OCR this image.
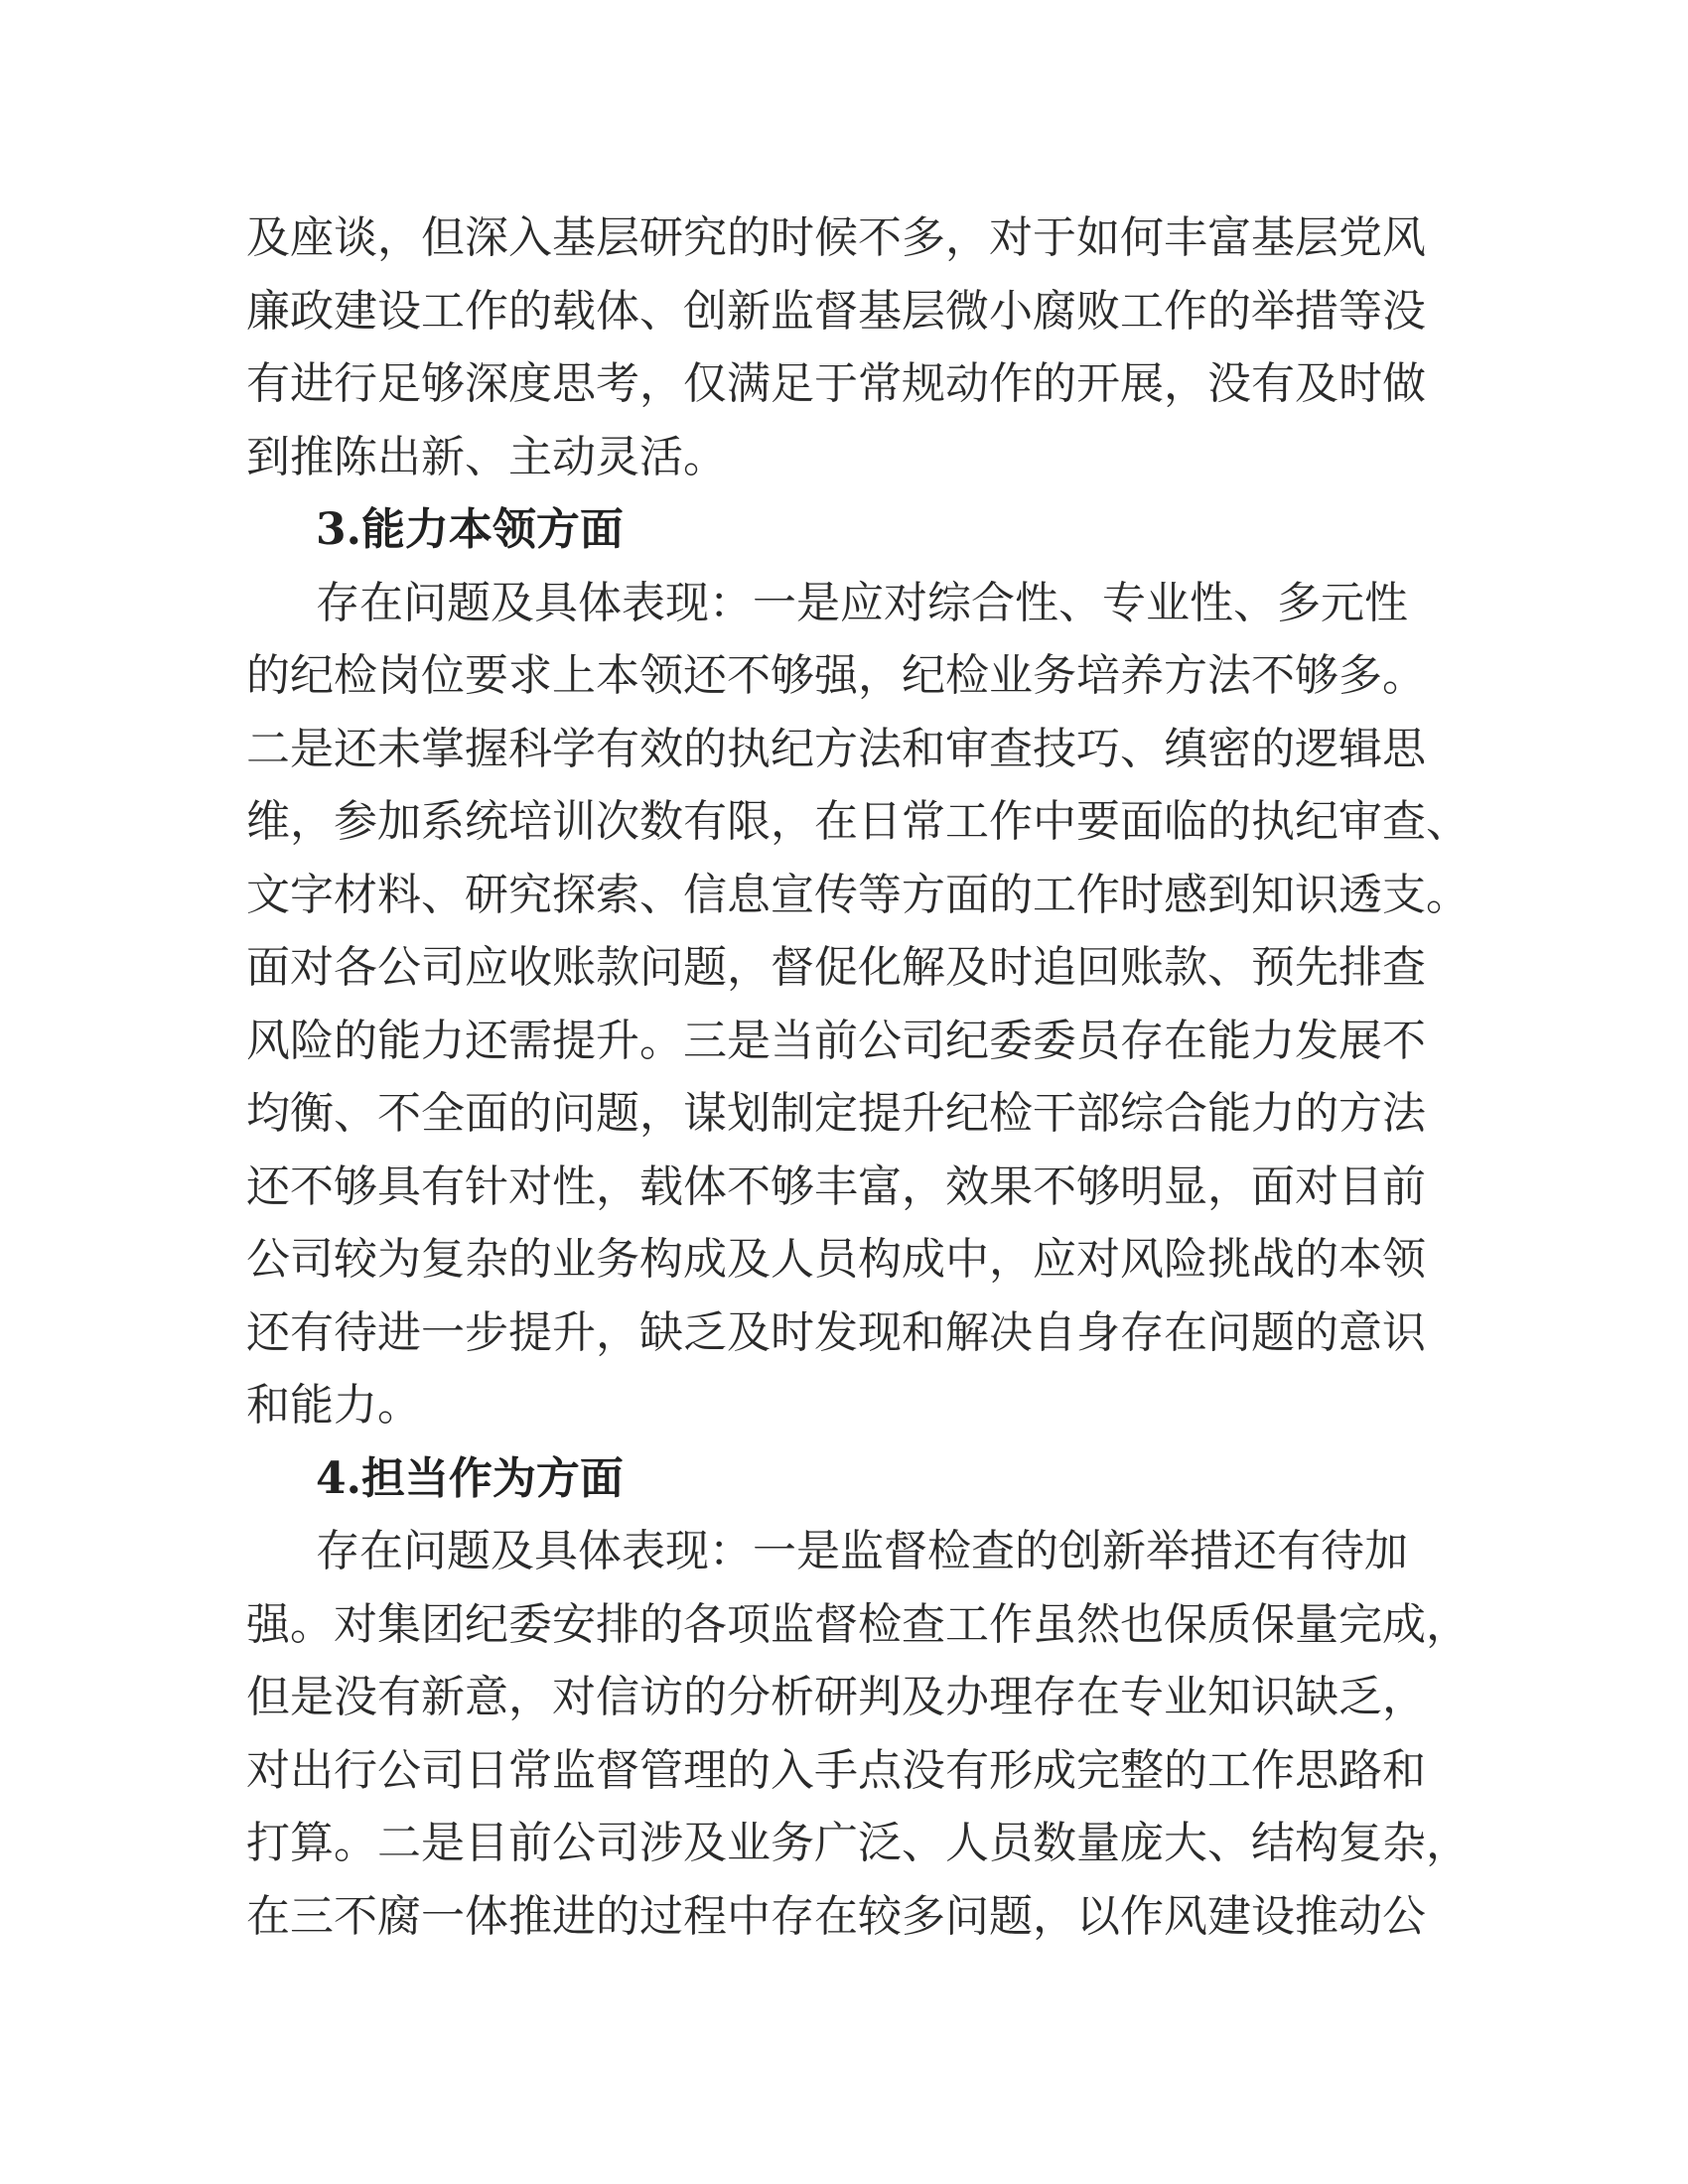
及座谈，但深入基层研究的时候不多，对于如何丰富基层党风
廉政建设工作的载体、创新监督基层微小腐败工作的举措等没
有进行足够深度思考，仅满足于常规动作的开展，没有及时做
到推陈出新、主动灵活。
3.能力本领方面
存在问题及具体表现：一是应对综合性、专业性、多元性
的纪检岗位要求上本领还不够强，纪检业务培养方法不够多。
二是还未掌握科学有效的执纪方法和审查技巧、缜密的逻辑思
维，参加系统培训次数有限，在日常工作中要面临的执纪审查、
文字材料、研究探索、信息宣传等方面的工作时感到知识透支。
面对各公司应收账款问题，督促化解及时追回账款、预先排查
风险的能力还需提升。三是当前公司纪委委员存在能力发展不
均衡、不全面的问题，谋划制定提升纪检干部综合能力的方法
还不够具有针对性，载体不够丰富，效果不够明显，面对目前
公司较为复杂的业务构成及人员构成中，应对风险挑战的本领
还有待进一步提升，缺乏及时发现和解决自身存在问题的意识
和能力。
4.担当作为方面
存在问题及具体表现：一是监督检查的创新举措还有待加
强。对集团纪委安排的各项监督检查工作虽然也保质保量完成，
但是没有新意，对信访的分析研判及办理存在专业知识缺乏，
对出行公司日常监督管理的入手点没有形成完整的工作思路和
打算。二是目前公司涉及业务广泛、人员数量庞大、结构复杂，
在三不腐一体推进的过程中存在较多问题，以作风建设推动公
